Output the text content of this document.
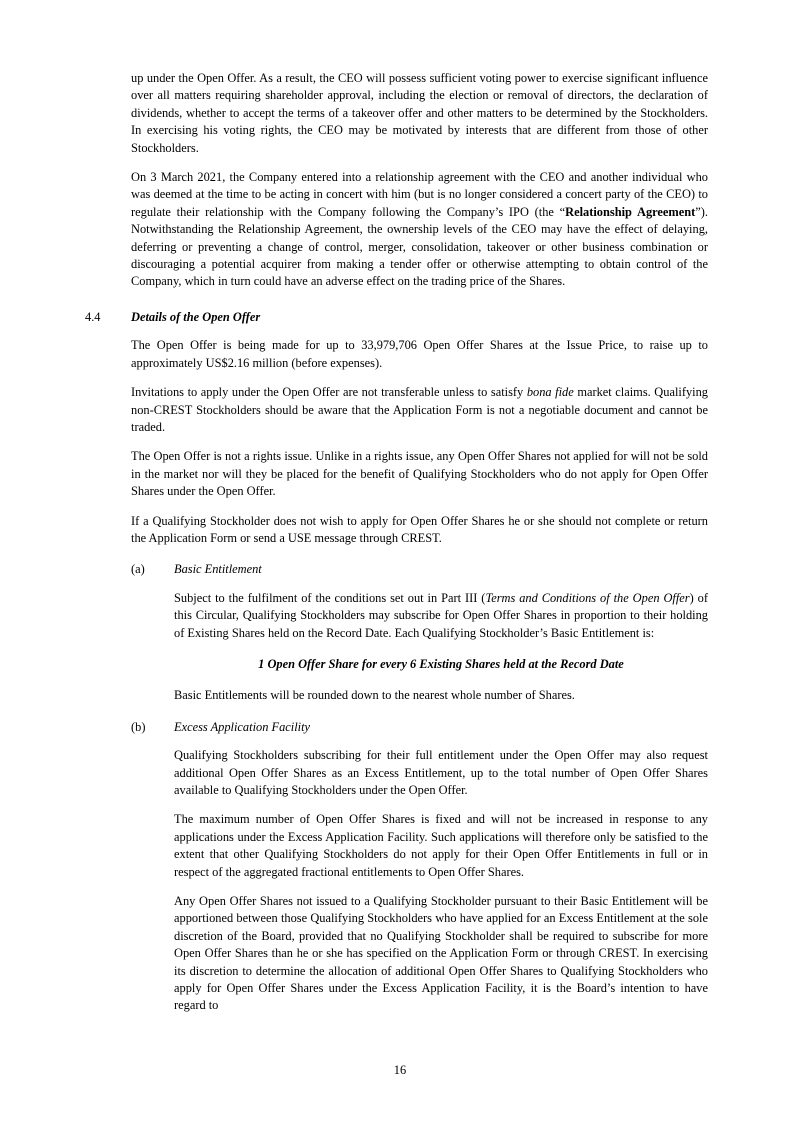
up under the Open Offer. As a result, the CEO will possess sufficient voting power to exercise significant influence over all matters requiring shareholder approval, including the election or removal of directors, the declaration of dividends, whether to accept the terms of a takeover offer and other matters to be determined by the Stockholders. In exercising his voting rights, the CEO may be motivated by interests that are different from those of other Stockholders.

On 3 March 2021, the Company entered into a relationship agreement with the CEO and another individual who was deemed at the time to be acting in concert with him (but is no longer considered a concert party of the CEO) to regulate their relationship with the Company following the Company’s IPO (the “Relationship Agreement”). Notwithstanding the Relationship Agreement, the ownership levels of the CEO may have the effect of delaying, deferring or preventing a change of control, merger, consolidation, takeover or other business combination or discouraging a potential acquirer from making a tender offer or otherwise attempting to obtain control of the Company, which in turn could have an adverse effect on the trading price of the Shares.

4.4 Details of the Open Offer

The Open Offer is being made for up to 33,979,706 Open Offer Shares at the Issue Price, to raise up to approximately US$2.16 million (before expenses).

Invitations to apply under the Open Offer are not transferable unless to satisfy bona fide market claims. Qualifying non-CREST Stockholders should be aware that the Application Form is not a negotiable document and cannot be traded.

The Open Offer is not a rights issue. Unlike in a rights issue, any Open Offer Shares not applied for will not be sold in the market nor will they be placed for the benefit of Qualifying Stockholders who do not apply for Open Offer Shares under the Open Offer.

If a Qualifying Stockholder does not wish to apply for Open Offer Shares he or she should not complete or return the Application Form or send a USE message through CREST.

(a) Basic Entitlement

Subject to the fulfilment of the conditions set out in Part III (Terms and Conditions of the Open Offer) of this Circular, Qualifying Stockholders may subscribe for Open Offer Shares in proportion to their holding of Existing Shares held on the Record Date. Each Qualifying Stockholder’s Basic Entitlement is:

1 Open Offer Share for every 6 Existing Shares held at the Record Date

Basic Entitlements will be rounded down to the nearest whole number of Shares.

(b) Excess Application Facility

Qualifying Stockholders subscribing for their full entitlement under the Open Offer may also request additional Open Offer Shares as an Excess Entitlement, up to the total number of Open Offer Shares available to Qualifying Stockholders under the Open Offer.

The maximum number of Open Offer Shares is fixed and will not be increased in response to any applications under the Excess Application Facility. Such applications will therefore only be satisfied to the extent that other Qualifying Stockholders do not apply for their Open Offer Entitlements in full or in respect of the aggregated fractional entitlements to Open Offer Shares.

Any Open Offer Shares not issued to a Qualifying Stockholder pursuant to their Basic Entitlement will be apportioned between those Qualifying Stockholders who have applied for an Excess Entitlement at the sole discretion of the Board, provided that no Qualifying Stockholder shall be required to subscribe for more Open Offer Shares than he or she has specified on the Application Form or through CREST. In exercising its discretion to determine the allocation of additional Open Offer Shares to Qualifying Stockholders who apply for Open Offer Shares under the Excess Application Facility, it is the Board’s intention to have regard to

16
